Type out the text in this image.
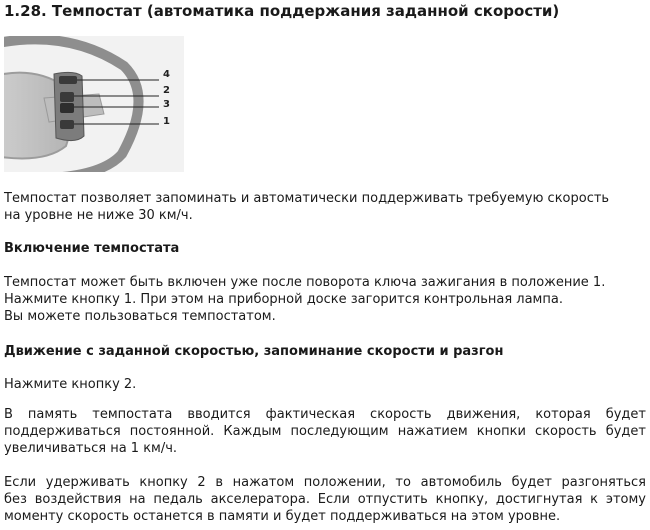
1.28. Темпостат (автоматика поддержания заданной скорости)
4
2
3
1

Темпостат позволяет запоминать и автоматически поддерживать требуемую скорость
на уровне не ниже 30 км/ч.

Включение темпостата

Темпостат может быть включен уже после поворота ключа зажигания в положение 1.
Нажмите кнопку 1. При этом на приборной доске загорится контрольная лампа.
Вы можете пользоваться темпостатом.

Движение с заданной скоростью, запоминание скорости и разгон

Нажмите кнопку 2.

В память темпостата вводится фактическая скорость движения, которая будет
поддерживаться постоянной. Каждым последующим нажатием кнопки скорость будет
увеличиваться на 1 км/ч.

Если удерживать кнопку 2 в нажатом положении, то автомобиль будет разгоняться
без воздействия на педаль акселератора. Если отпустить кнопку, достигнутая к этому
моменту скорость останется в памяти и будет поддерживаться на этом уровне.
